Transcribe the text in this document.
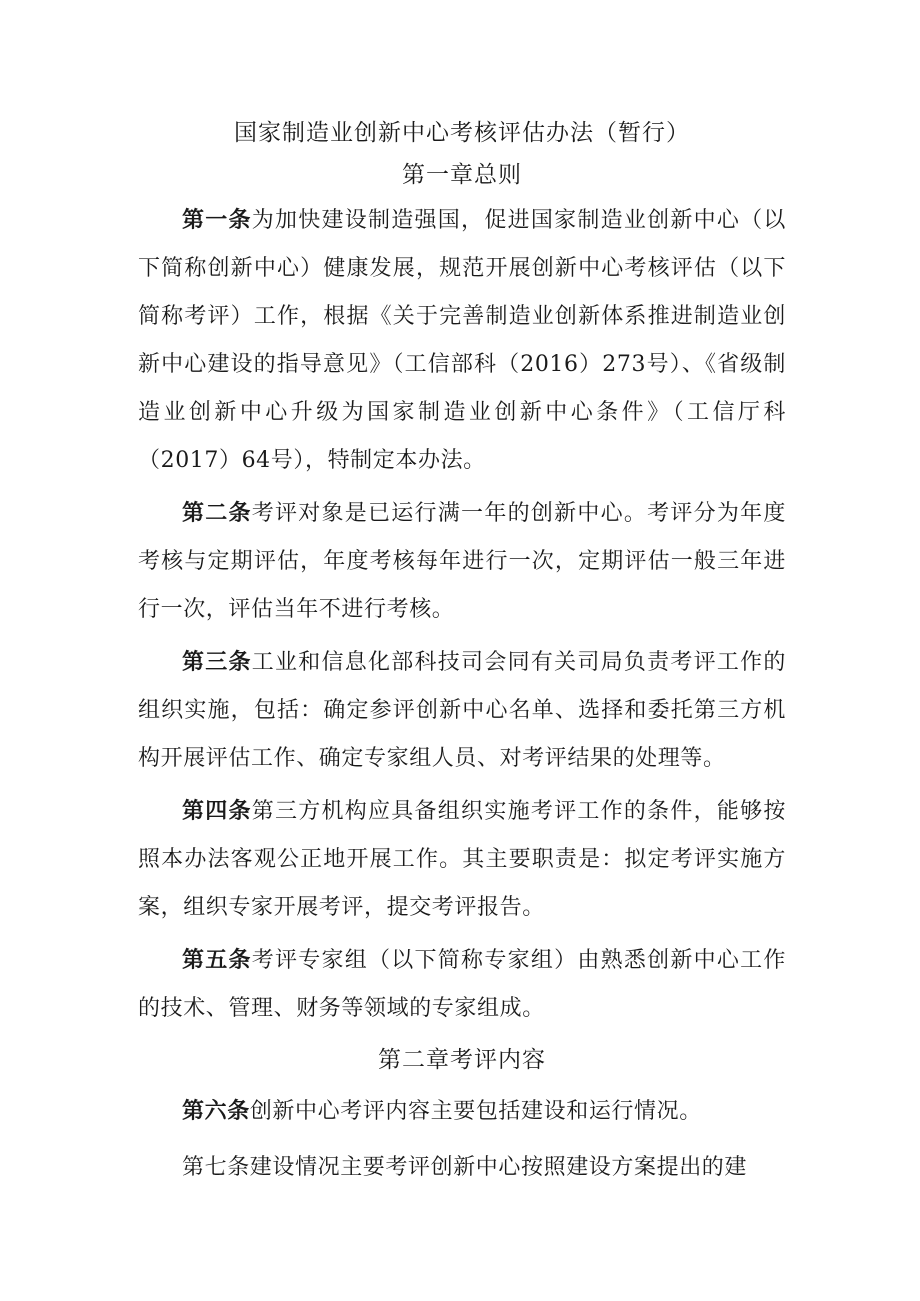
国家制造业创新中心考核评估办法（暂行）
第一章总则

第一条为加快建设制造强国，促进国家制造业创新中心（以下简称创新中心）健康发展，规范开展创新中心考核评估（以下简称考评）工作，根据《关于完善制造业创新体系推进制造业创新中心建设的指导意见》（工信部科（2016）273号）、《省级制造业创新中心升级为国家制造业创新中心条件》（工信厅科（2017）64号），特制定本办法。

第二条考评对象是已运行满一年的创新中心。考评分为年度考核与定期评估，年度考核每年进行一次，定期评估一般三年进行一次，评估当年不进行考核。

第三条工业和信息化部科技司会同有关司局负责考评工作的组织实施，包括：确定参评创新中心名单、选择和委托第三方机构开展评估工作、确定专家组人员、对考评结果的处理等。

第四条第三方机构应具备组织实施考评工作的条件，能够按照本办法客观公正地开展工作。其主要职责是：拟定考评实施方案，组织专家开展考评，提交考评报告。

第五条考评专家组（以下简称专家组）由熟悉创新中心工作的技术、管理、财务等领域的专家组成。

第二章考评内容

第六条创新中心考评内容主要包括建设和运行情况。

第七条建设情况主要考评创新中心按照建设方案提出的建
